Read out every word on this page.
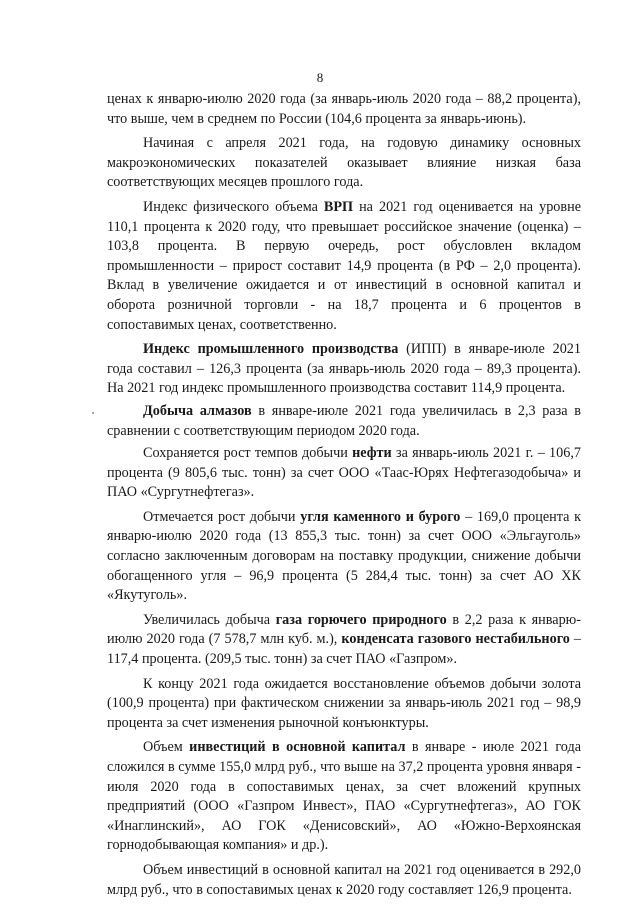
8

ценах к январю-июлю 2020 года (за январь-июль 2020 года – 88,2 процента), что выше, чем в среднем по России (104,6 процента за январь-июнь).

Начиная с апреля 2021 года, на годовую динамику основных макроэкономических показателей оказывает влияние низкая база соответствующих месяцев прошлого года.

Индекс физического объема ВРП на 2021 год оценивается на уровне 110,1 процента к 2020 году, что превышает российское значение (оценка) – 103,8 процента. В первую очередь, рост обусловлен вкладом промышленности – прирост составит 14,9 процента (в РФ – 2,0 процента). Вклад в увеличение ожидается и от инвестиций в основной капитал и оборота розничной торговли - на 18,7 процента и 6 процентов в сопоставимых ценах, соответственно.

Индекс промышленного производства (ИПП) в январе-июле 2021 года составил – 126,3 процента (за январь-июль 2020 года – 89,3 процента). На 2021 год индекс промышленного производства составит 114,9 процента.

Добыча алмазов в январе-июле 2021 года увеличилась в 2,3 раза в сравнении с соответствующим периодом 2020 года.

Сохраняется рост темпов добычи нефти за январь-июль 2021 г. – 106,7 процента (9 805,6 тыс. тонн) за счет ООО «Таас-Юрях Нефтегазодобыча» и ПАО «Сургутнефтегаз».

Отмечается рост добычи угля каменного и бурого – 169,0 процента к январю-июлю 2020 года (13 855,3 тыс. тонн) за счет ООО «Эльгауголь» согласно заключенным договорам на поставку продукции, снижение добычи обогащенного угля – 96,9 процента (5 284,4 тыс. тонн) за счет АО ХК «Якутуголь».

Увеличилась добыча газа горючего природного в 2,2 раза к январю-июлю 2020 года (7 578,7 млн куб. м.), конденсата газового нестабильного – 117,4 процента. (209,5 тыс. тонн) за счет ПАО «Газпром».

К концу 2021 года ожидается восстановление объемов добычи золота (100,9 процента) при фактическом снижении за январь-июль 2021 год – 98,9 процента за счет изменения рыночной конъюнктуры.

Объем инвестиций в основной капитал в январе - июле 2021 года сложился в сумме 155,0 млрд руб., что выше на 37,2 процента уровня января - июля 2020 года в сопоставимых ценах, за счет вложений крупных предприятий (ООО «Газпром Инвест», ПАО «Сургутнефтегаз», АО ГОК «Инаглинский», АО ГОК «Денисовский», АО «Южно-Верхоянская горнодобывающая компания» и др.).

Объем инвестиций в основной капитал на 2021 год оценивается в 292,0 млрд руб., что в сопоставимых ценах к 2020 году составляет 126,9 процента.
